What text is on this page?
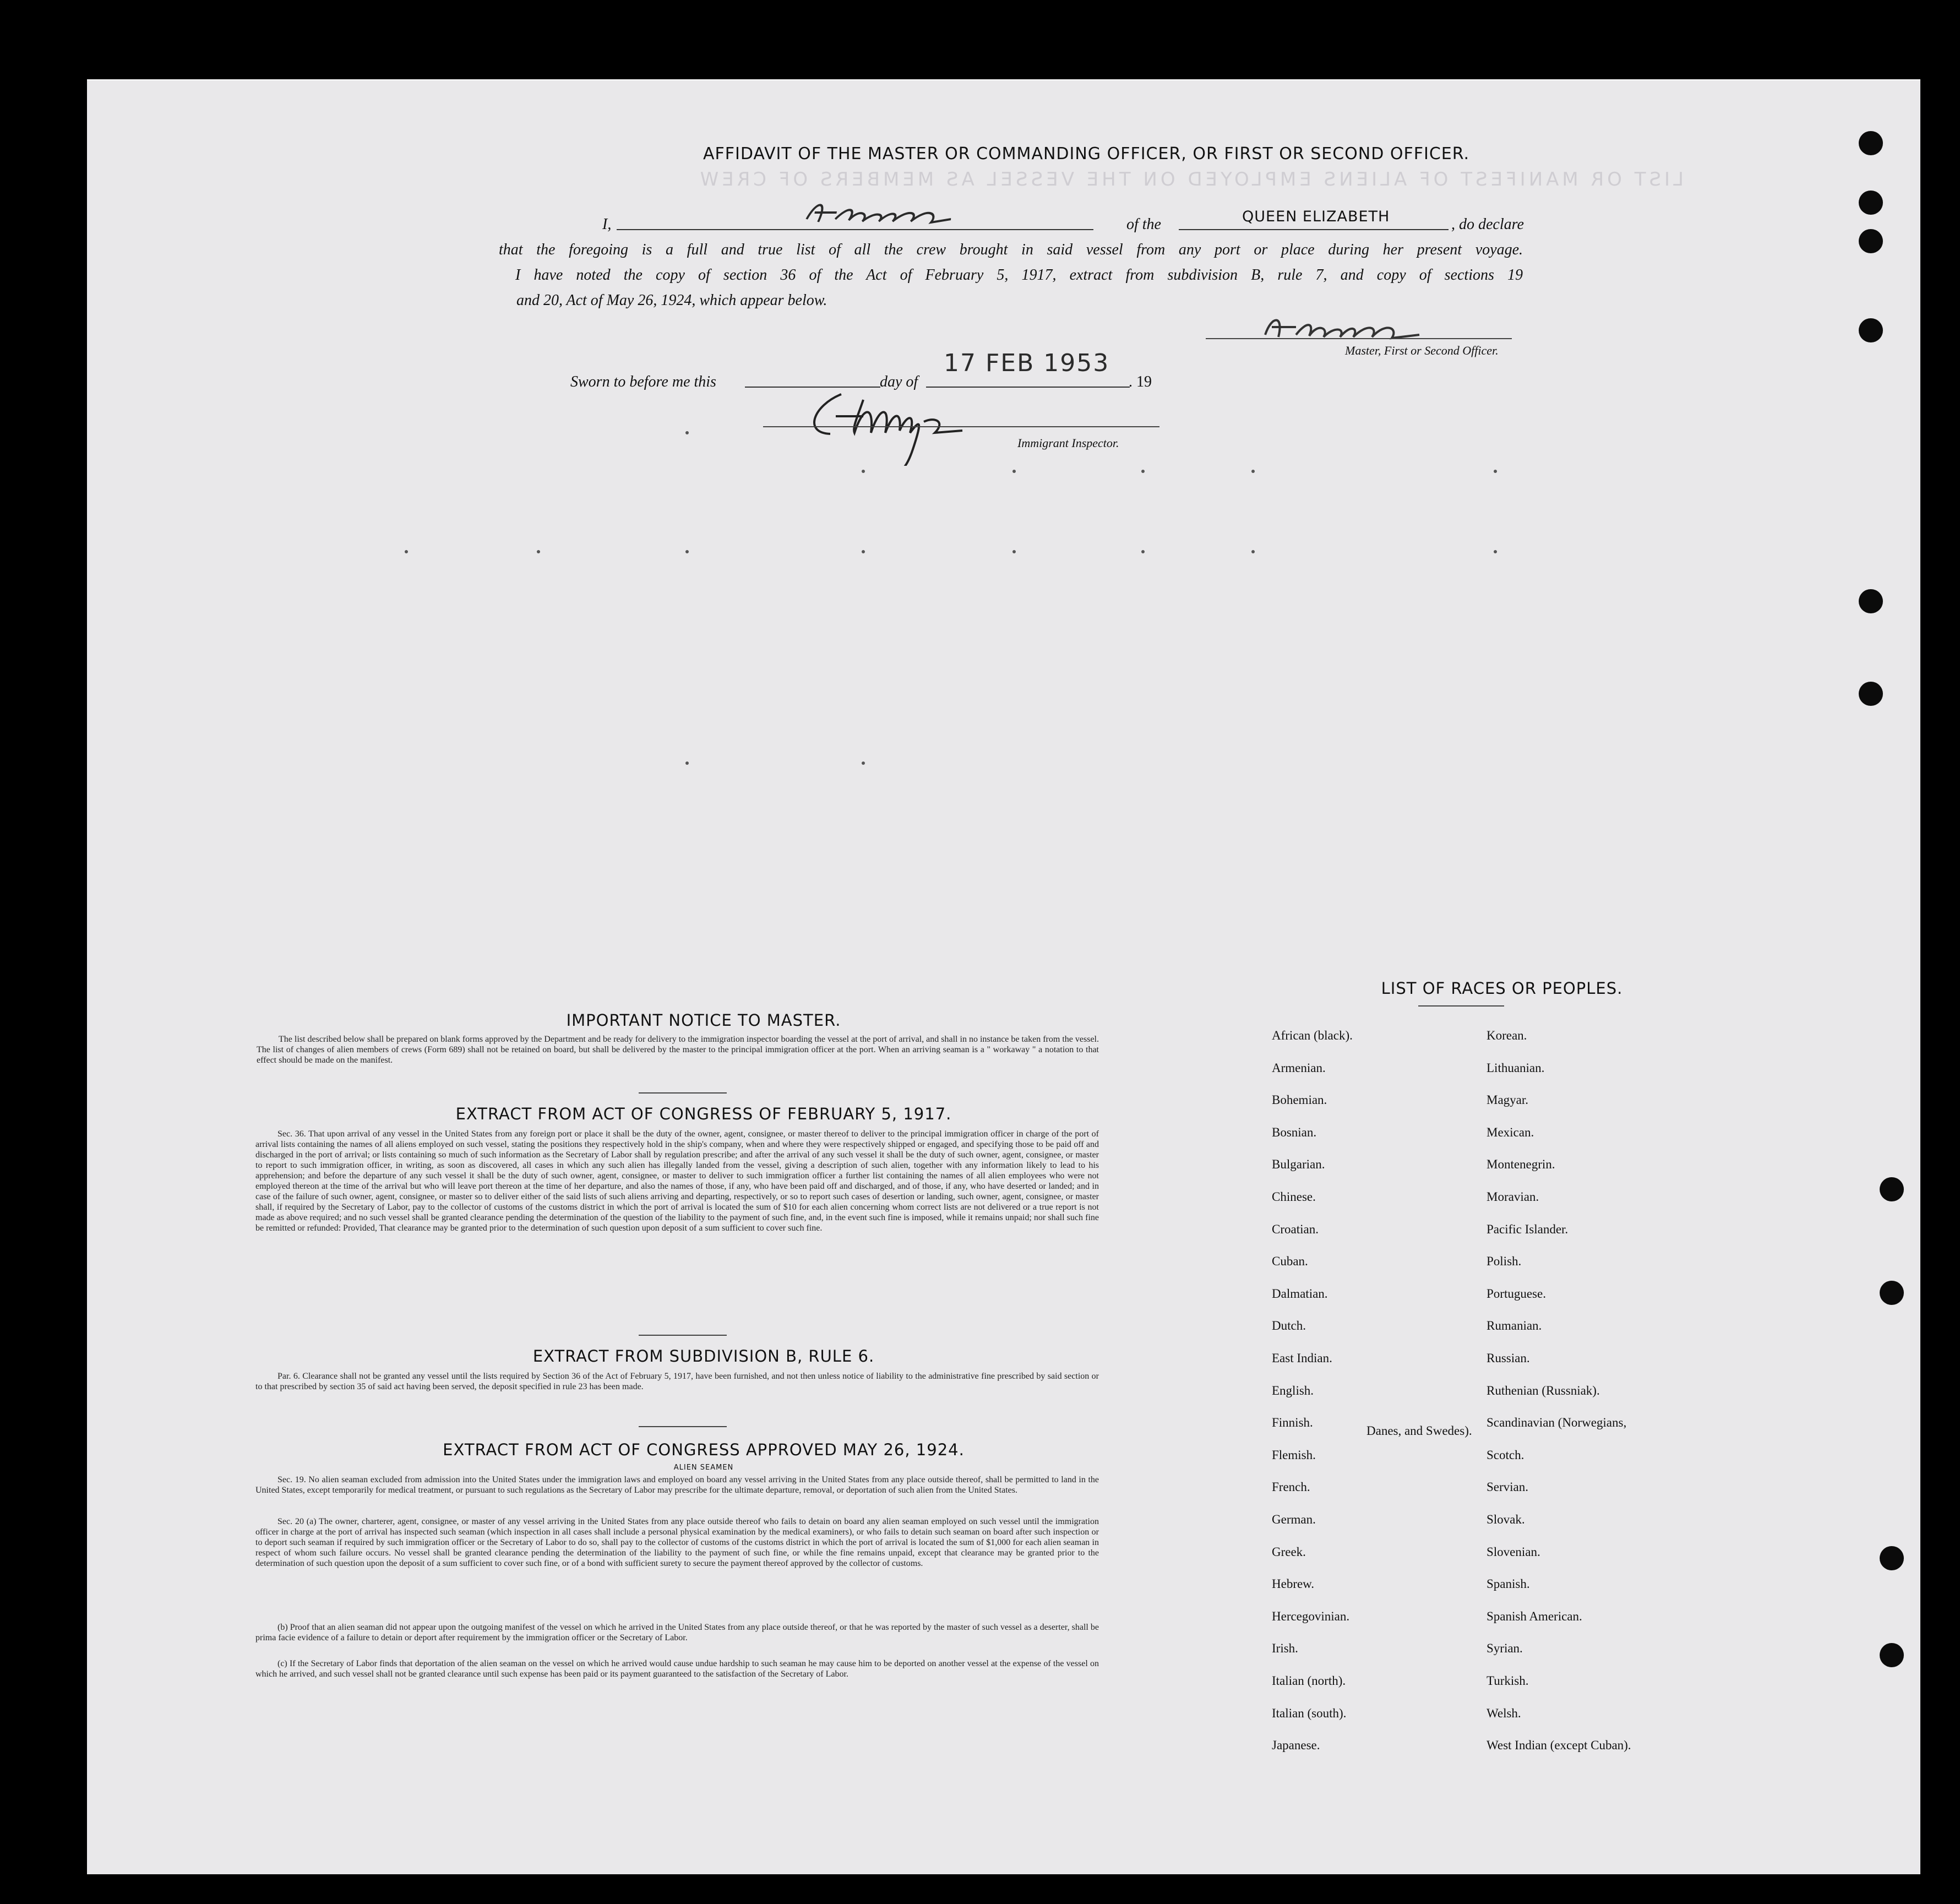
LIST OR MANIFEST OF ALIENS EMPLOYED ON THE VESSEL AS MEMBERS OF CREW
AFFIDAVIT OF THE MASTER OR COMMANDING OFFICER, OR FIRST OR SECOND OFFICER.
I,	of the	QUEEN ELIZABETH	, do declare
that the foregoing is a full and true list of all the crew brought in said vessel from any port or place during her present voyage.
I have noted the copy of section 36 of the Act of February 5, 1917, extract from subdivision B, rule 7, and copy of sections 19
and 20, Act of May 26, 1924, which appear below.
Master, First or Second Officer.
Sworn to before me this	day of
17 FEB 1953
. 19
Immigrant Inspector.
IMPORTANT NOTICE TO MASTER.
The list described below shall be prepared on blank forms approved by the Department and be ready for delivery to the immigration inspector boarding the vessel at the port of arrival, and shall in no instance be taken from the vessel. The list of changes of alien members of crews (Form 689) shall not be retained on board, but shall be delivered by the master to the principal immigration officer at the port. When an arriving seaman is a " workaway " a notation to that effect should be made on the manifest.
EXTRACT FROM ACT OF CONGRESS OF FEBRUARY 5, 1917.
Sec. 36. That upon arrival of any vessel in the United States from any foreign port or place it shall be the duty of the owner, agent, consignee, or master thereof to deliver to the principal immigration officer in charge of the port of arrival lists containing the names of all aliens employed on such vessel, stating the positions they respectively hold in the ship's company, when and where they were respectively shipped or engaged, and specifying those to be paid off and discharged in the port of arrival; or lists containing so much of such information as the Secretary of Labor shall by regulation prescribe; and after the arrival of any such vessel it shall be the duty of such owner, agent, consignee, or master to report to such immigration officer, in writing, as soon as discovered, all cases in which any such alien has illegally landed from the vessel, giving a description of such alien, together with any information likely to lead to his apprehension; and before the departure of any such vessel it shall be the duty of such owner, agent, consignee, or master to deliver to such immigration officer a further list containing the names of all alien employees who were not employed thereon at the time of the arrival but who will leave port thereon at the time of her departure, and also the names of those, if any, who have been paid off and discharged, and of those, if any, who have deserted or landed; and in case of the failure of such owner, agent, consignee, or master so to deliver either of the said lists of such aliens arriving and departing, respectively, or so to report such cases of desertion or landing, such owner, agent, consignee, or master shall, if required by the Secretary of Labor, pay to the collector of customs of the customs district in which the port of arrival is located the sum of $10 for each alien concerning whom correct lists are not delivered or a true report is not made as above required; and no such vessel shall be granted clearance pending the determination of the question of the liability to the payment of such fine, and, in the event such fine is imposed, while it remains unpaid; nor shall such fine be remitted or refunded: Provided, That clearance may be granted prior to the determination of such question upon deposit of a sum sufficient to cover such fine.
EXTRACT FROM SUBDIVISION B, RULE 6.
Par. 6. Clearance shall not be granted any vessel until the lists required by Section 36 of the Act of February 5, 1917, have been furnished, and not then unless notice of liability to the administrative fine prescribed by said section or to that prescribed by section 35 of said act having been served, the deposit specified in rule 23 has been made.
EXTRACT FROM ACT OF CONGRESS APPROVED MAY 26, 1924.
ALIEN SEAMEN
Sec. 19. No alien seaman excluded from admission into the United States under the immigration laws and employed on board any vessel arriving in the United States from any place outside thereof, shall be permitted to land in the United States, except temporarily for medical treatment, or pursuant to such regulations as the Secretary of Labor may prescribe for the ultimate departure, removal, or deportation of such alien from the United States.
Sec. 20 (a) The owner, charterer, agent, consignee, or master of any vessel arriving in the United States from any place outside thereof who fails to detain on board any alien seaman employed on such vessel until the immigration officer in charge at the port of arrival has inspected such seaman (which inspection in all cases shall include a personal physical examination by the medical examiners), or who fails to detain such seaman on board after such inspection or to deport such seaman if required by such immigration officer or the Secretary of Labor to do so, shall pay to the collector of customs of the customs district in which the port of arrival is located the sum of $1,000 for each alien seaman in respect of whom such failure occurs. No vessel shall be granted clearance pending the determination of the liability to the payment of such fine, or while the fine remains unpaid, except that clearance may be granted prior to the determination of such question upon the deposit of a sum sufficient to cover such fine, or of a bond with sufficient surety to secure the payment thereof approved by the collector of customs.
(b) Proof that an alien seaman did not appear upon the outgoing manifest of the vessel on which he arrived in the United States from any place outside thereof, or that he was reported by the master of such vessel as a deserter, shall be prima facie evidence of a failure to detain or deport after requirement by the immigration officer or the Secretary of Labor.
(c) If the Secretary of Labor finds that deportation of the alien seaman on the vessel on which he arrived would cause undue hardship to such seaman he may cause him to be deported on another vessel at the expense of the vessel on which he arrived, and such vessel shall not be granted clearance until such expense has been paid or its payment guaranteed to the satisfaction of the Secretary of Labor.
LIST OF RACES OR PEOPLES.
African (black).
Armenian.
Bohemian.
Bosnian.
Bulgarian.
Chinese.
Croatian.
Cuban.
Dalmatian.
Dutch.
East Indian.
English.
Finnish.
Flemish.
French.
German.
Greek.
Hebrew.
Hercegovinian.
Irish.
Italian (north).
Italian (south).
Japanese.
Korean.
Lithuanian.
Magyar.
Mexican.
Montenegrin.
Moravian.
Pacific Islander.
Polish.
Portuguese.
Rumanian.
Russian.
Ruthenian (Russniak).
Scandinavian (Norwegians,
Scotch.
Servian.
Slovak.
Slovenian.
Spanish.
Spanish American.
Syrian.
Turkish.
Welsh.
West Indian (except Cuban).
Danes, and Swedes).
